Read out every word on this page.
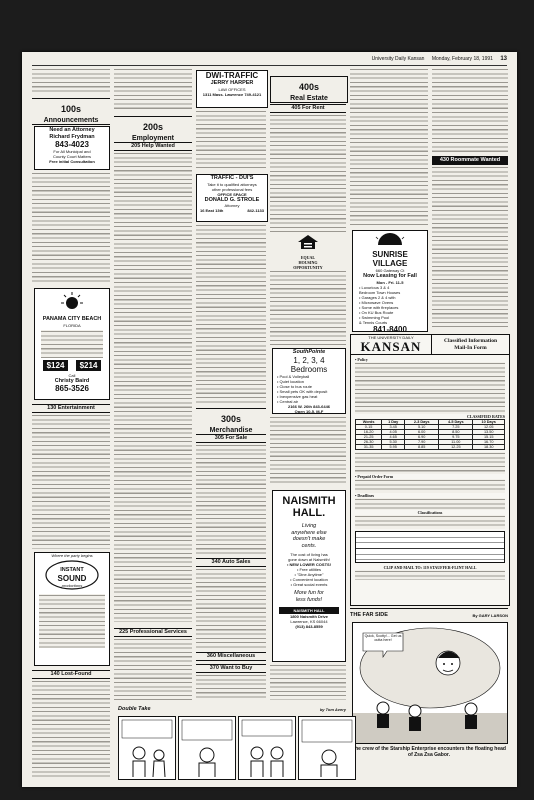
University Daily Kansan Monday, February 18, 1991 13
100s
Announcements
Need an Attorney
Richard Frydman
843-4023
For All Municipal and
County Court Matters
Free initial Consultation
PANAMA CITY BEACH
FLORIDA
$124	$214
Call
Christy Baird
865-3526
130 Entertainment
Where the party begins
INSTANT
SOUND
productions
140 Lost-Found
200s
Employment
205 Help Wanted
225 Professional Services
DWI-TRAFFIC
JERRY HARPER
LAW OFFICES
1311 Mass. Lawrence 749-4121
TRAFFIC - DUI'S
Take it to qualified attorneys
other professional fees
OFFICE SPACE
DONALD G. STROLE
Attorney
16 East 13th	842-1133
300s
Merchandise
305 For Sale
340 Auto Sales
360 Miscellaneous
370 Want to Buy
400s
Real Estate
405 For Rent
EQUAL
HOUSING
OPPORTUNITY
SouthPointe
1, 2, 3, 4
Bedrooms
• Pool & Volleyball
• Quiet location
• Close to bus route
• Small pets OK with deposit
• Inexpensive gas heat
• Central air
2166 W. 26th 843-6446
Open 10-5, M-F
NAISMITH
HALL.
Living
anywhere else
doesn't make
cents.
The cost of living has
gone down at Naismith!
• NEW LOWER COSTS!
• Free utilities
• "Dine Anytime"
• Convenient location
• Great social events
More fun for
less funds!
NAISMITH HALL
1800 Naismith Drive
Lawrence, KS 66044
(913) 843-8559
SUNRISE
VILLAGE
660 Gateway Ct
Now Leasing for Fall
Mon - Fri. 11-5
• Luxurious 3 & 4
Bedroom Town Houses
• Garages 2 & 4 with
• Microwave Ovens
• Some with fireplaces
• On KU Bus Route
• Swimming Pool
& Tennis Courts
841-8400
430 Roommate Wanted
THE UNIVERSITY DAILY
KANSAN	Classified Information
Mail-In Form
• Policy
CLASSIFIED RATES
Words	1 Day	2-3 Days	4-5 Days	10 Days
0-15	3.45	5.10	7.25	12.05
16-20	4.05	6.00	8.50	13.50
21-25	4.65	6.90	9.75	15.15
26-30	5.30	7.90	11.00	16.70
31-35	5.95	8.85	12.25	18.30
• Prepaid Order Form
• Deadlines
Classifications
CLIP AND MAIL TO: 119 STAUFFER-FLINT HALL
THE FAR SIDE	By GARY LARSON
Quick, Scotty!... Get us outta here!
The crew of the Starship Enterprise encounters the floating head of Zsa Zsa Gabor.
Double Take	by Tom Avery
